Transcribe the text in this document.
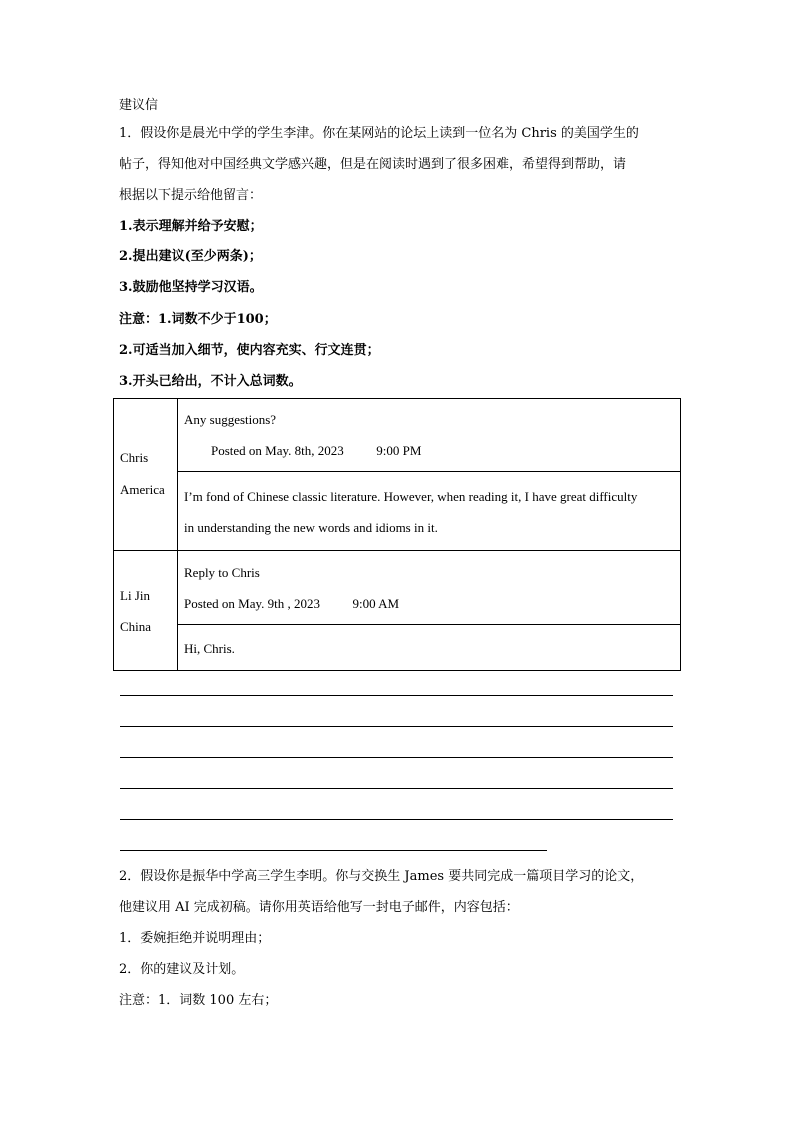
建议信
1．假设你是晨光中学的学生李津。你在某网站的论坛上读到一位名为 Chris 的美国学生的
帖子，得知他对中国经典文学感兴趣，但是在阅读时遇到了很多困难，希望得到帮助，请
根据以下提示给他留言：
1.表示理解并给予安慰；
2.提出建议(至少两条)；
3.鼓励他坚持学习汉语。
注意：1.词数不少于100；
2.可适当加入细节，使内容充实、行文连贯；
3.开头已给出，不计入总词数。
Chris
America
Any suggestions?
Posted on May. 8th, 2023          9:00 PM
I’m fond of Chinese classic literature. However, when reading it, I have great difficulty
in understanding the new words and idioms in it.
Li Jin
China
Reply to Chris
Posted on May. 9th , 2023          9:00 AM
Hi, Chris.
2．假设你是振华中学高三学生李明。你与交换生 James 要共同完成一篇项目学习的论文，
他建议用 AI 完成初稿。请你用英语给他写一封电子邮件，内容包括：
1．委婉拒绝并说明理由；
2．你的建议及计划。
注意：1．词数 100 左右；
